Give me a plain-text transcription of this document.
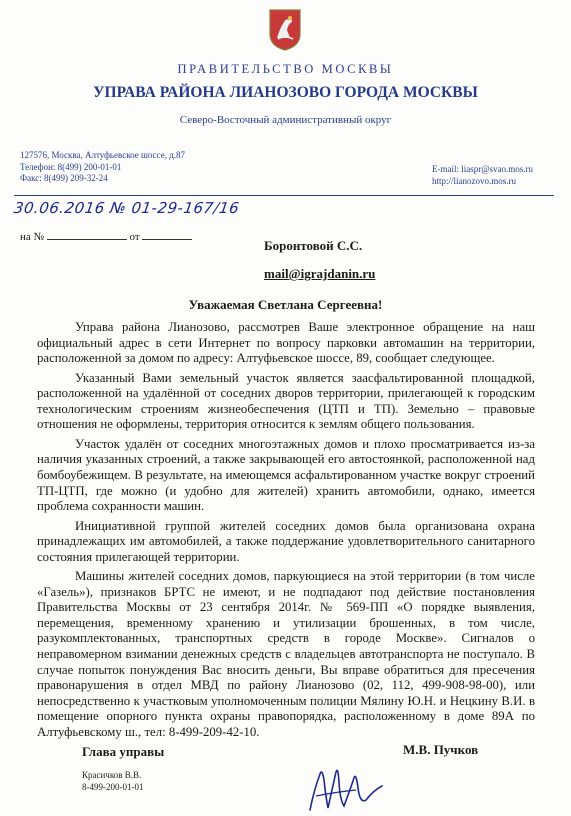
ПРАВИТЕЛЬСТВО МОСКВЫ
УПРАВА РАЙОНА ЛИАНОЗОВО ГОРОДА МОСКВЫ
Северо-Восточный административный округ
127576, Москва, Алтуфьевское шоссе, д.87
Телефон: 8(499) 200-01-01
Факс: 8(499) 209-32-24
E-mail: liaspr@svao.mos.ru
http://lianozovo.mos.ru
30.06.2016 № 01-29-167/16
на №	от
Боронтовой С.С.
mail@igrajdanin.ru
Уважаемая Светлана Сергеевна!

Управа района Лианозово, рассмотрев Ваше электронное обращение на наш официальный адрес в сети Интернет по вопросу парковки автомашин на территории, расположенной за домом по адресу: Алтуфьевское шоссе, 89, сообщает следующее.

Указанный Вами земельный участок является заасфальтированной площадкой, расположенной на удалённой от соседних дворов территории, прилегающей к городским технологическим строениям жизнеобеспечения (ЦТП и ТП). Земельно – правовые отношения не оформлены, территория относится к землям общего пользования.

Участок удалён от соседних многоэтажных домов и плохо просматривается из-за наличия указанных строений, а также закрывающей его автостоянкой, расположенной над бомбоубежищем. В результате, на имеющемся асфальтированном участке вокруг строений ТП-ЦТП, где можно (и удобно для жителей) хранить автомобили, однако, имеется проблема сохранности машин.

Инициативной группой жителей соседних домов была организована охрана принадлежащих им автомобилей, а также поддержание удовлетворительного санитарного состояния прилегающей территории.

Машины жителей соседних домов, паркующиеся на этой территории (в том числе «Газель»), признаков БРТС не имеют, и не подпадают под действие постановления Правительства Москвы от 23 сентября 2014г. № 569-ПП «О порядке выявления, перемещения, временному хранению и утилизации брошенных, в том числе, разукомплектованных, транспортных средств в городе Москве». Сигналов о неправомерном взимании денежных средств с владельцев автотранспорта не поступало. В случае попыток понуждения Вас вносить деньги, Вы вправе обратиться для пресечения правонарушения в отдел МВД по району Лианозово (02, 112, 499-908-98-00), или непосредственно к участковым уполномоченным полиции Мялину Ю.Н. и Нецкину В.И. в помещение опорного пункта охраны правопорядка, расположенному в доме 89А по Алтуфьевскому ш., тел: 8-499-209-42-10.

Глава управы	М.В. Пучков
Красичков В.В.
8-499-200-01-01
